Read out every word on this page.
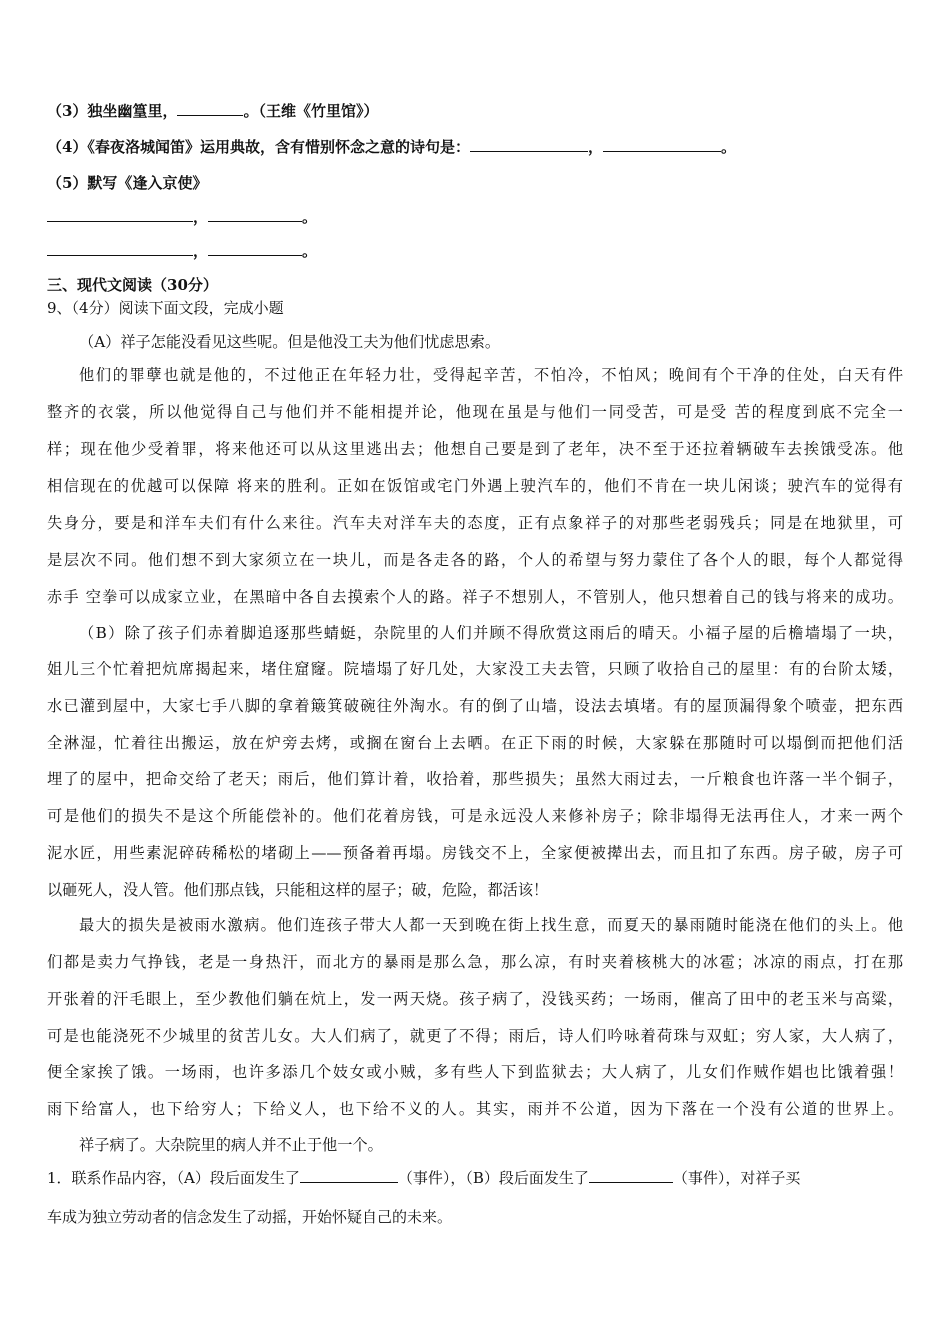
（3）独坐幽篁里，	。（王维《竹里馆》）
（4）《春夜洛城闻笛》运用典故，含有惜别怀念之意的诗句是：	，	。
（5）默写《逢入京使》
，	。
，	。
三、现代文阅读（30分）
9、（4分）阅读下面文段，完成小题
（A）祥子怎能没看见这些呢。但是他没工夫为他们忧虑思索。
他们的罪孽也就是他的，不过他正在年轻力壮，受得起辛苦，不怕冷，不怕风；晚间有个干净的住处，白天有件
整齐的衣裳，所以他觉得自己与他们并不能相提并论，他现在虽是与他们一同受苦，可是受 苦的程度到底不完全一
样；现在他少受着罪，将来他还可以从这里逃出去；他想自己要是到了老年，决不至于还拉着辆破车去挨饿受冻。他
相信现在的优越可以保障 将来的胜利。正如在饭馆或宅门外遇上驶汽车的，他们不肯在一块儿闲谈；驶汽车的觉得有
失身分，要是和洋车夫们有什么来往。汽车夫对洋车夫的态度，正有点象祥子的对那些老弱残兵；同是在地狱里，可
是层次不同。他们想不到大家须立在一块儿，而是各走各的路，个人的希望与努力蒙住了各个人的眼，每个人都觉得
赤手 空拳可以成家立业，在黑暗中各自去摸索个人的路。祥子不想别人，不管别人，他只想着自己的钱与将来的成功。
（B）除了孩子们赤着脚追逐那些蜻蜓，杂院里的人们并顾不得欣赏这雨后的晴天。小福子屋的后檐墙塌了一块，
姐儿三个忙着把炕席揭起来，堵住窟窿。院墙塌了好几处，大家没工夫去管，只顾了收拾自己的屋里：有的台阶太矮，
水已灌到屋中，大家七手八脚的拿着簸箕破碗往外淘水。有的倒了山墙，设法去填堵。有的屋顶漏得象个喷壶，把东西
全淋湿，忙着往出搬运，放在炉旁去烤，或搁在窗台上去晒。在正下雨的时候，大家躲在那随时可以塌倒而把他们活
埋了的屋中，把命交给了老天；雨后，他们算计着，收拾着，那些损失；虽然大雨过去，一斤粮食也许落一半个铜子，
可是他们的损失不是这个所能偿补的。他们花着房钱，可是永远没人来修补房子；除非塌得无法再住人，才来一两个
泥水匠，用些素泥碎砖稀松的堵砌上——预备着再塌。房钱交不上，全家便被撵出去，而且扣了东西。房子破，房子可
以砸死人，没人管。他们那点钱，只能租这样的屋子；破，危险，都活该！
最大的损失是被雨水激病。他们连孩子带大人都一天到晚在街上找生意，而夏天的暴雨随时能浇在他们的头上。他
们都是卖力气挣钱，老是一身热汗，而北方的暴雨是那么急，那么凉，有时夹着核桃大的冰雹；冰凉的雨点，打在那
开张着的汗毛眼上，至少教他们躺在炕上，发一两天烧。孩子病了，没钱买药；一场雨，催高了田中的老玉米与高粱，
可是也能浇死不少城里的贫苦儿女。大人们病了，就更了不得；雨后，诗人们吟咏着荷珠与双虹；穷人家，大人病了，
便全家挨了饿。一场雨，也许多添几个妓女或小贼，多有些人下到监狱去；大人病了，儿女们作贼作娼也比饿着强！
雨下给富人，也下给穷人；下给义人，也下给不义的人。其实，雨并不公道，因为下落在一个没有公道的世界上。
祥子病了。大杂院里的病人并不止于他一个。
1．联系作品内容，（A）段后面发生了	（事件），（B）段后面发生了	（事件），对祥子买
车成为独立劳动者的信念发生了动摇，开始怀疑自己的未来。
